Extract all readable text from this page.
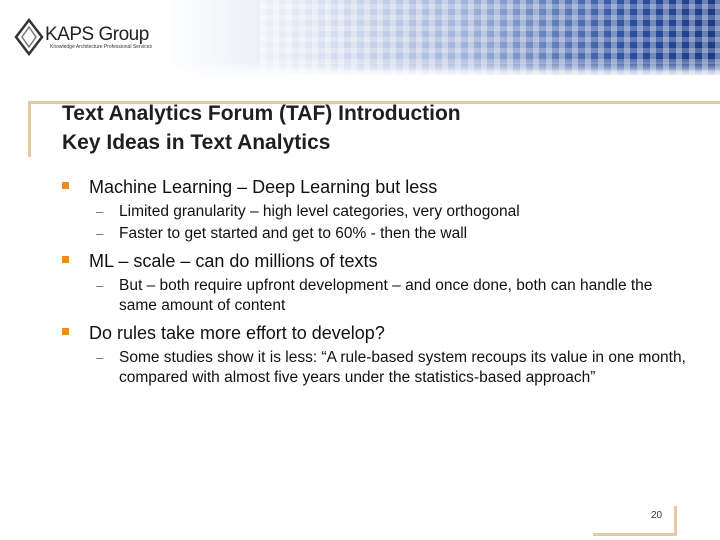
KAPS Group
Knowledge Architecture Professional Services
Text Analytics Forum (TAF) Introduction
Key Ideas in Text Analytics
Machine Learning – Deep Learning but less
– Limited granularity – high level categories, very orthogonal
– Faster to get started and get to 60% - then the wall
ML – scale – can do millions of texts
– But – both require upfront development – and once done, both can handle the same amount of content
Do rules take more effort to develop?
– Some studies show it is less: “A rule-based system recoups its value in one month, compared with almost five years under the statistics-based approach”
20
